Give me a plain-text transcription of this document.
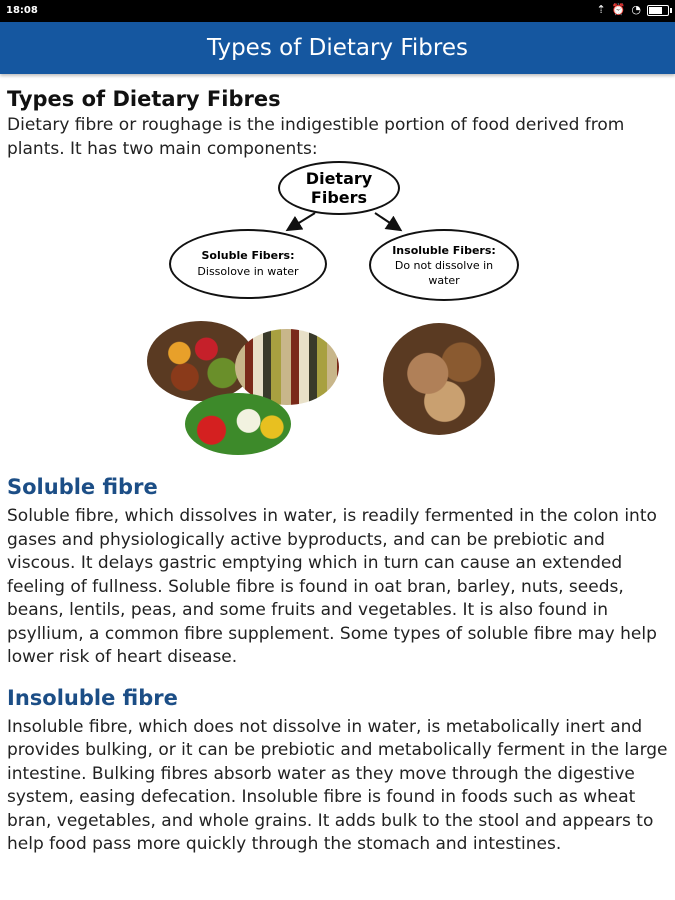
18:08	⇡ ⏰ ◔
Types of Dietary Fibres
Types of Dietary Fibres

Dietary fibre or roughage is the indigestible portion of food derived from plants. It has two main components:

Dietary
Fibers
Soluble Fibers:
Dissolove in water
Insoluble Fibers:
Do not dissolve in
water
Soluble fibre

Soluble fibre, which dissolves in water, is readily fermented in the colon into gases and physiologically active byproducts, and can be prebiotic and viscous. It delays gastric emptying which in turn can cause an extended feeling of fullness. Soluble fibre is found in oat bran, barley, nuts, seeds, beans, lentils, peas, and some fruits and vegetables. It is also found in psyllium, a common fibre supplement. Some types of soluble fibre may help lower risk of heart disease.

Insoluble fibre

Insoluble fibre, which does not dissolve in water, is metabolically inert and provides bulking, or it can be prebiotic and metabolically ferment in the large intestine. Bulking fibres absorb water as they move through the digestive system, easing defecation. Insoluble fibre is found in foods such as wheat bran, vegetables, and whole grains. It adds bulk to the stool and appears to help food pass more quickly through the stomach and intestines.
